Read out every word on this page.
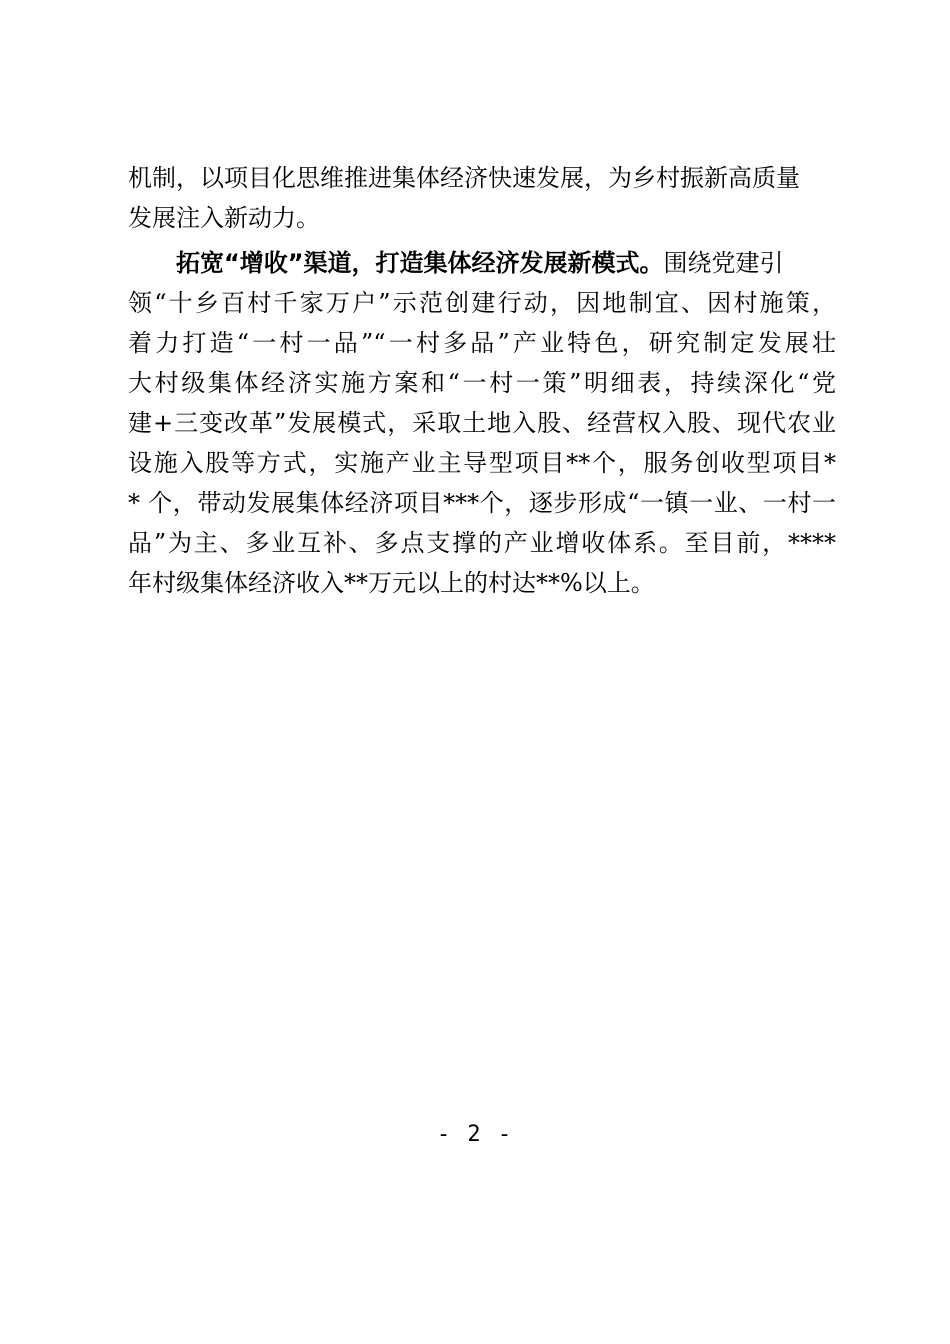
机制，以项目化思维推进集体经济快速发展，为乡村振新高质量
发展注入新动力。
拓宽“增收”渠道，打造集体经济发展新模式。围绕党建引
领“十乡百村千家万户”示范创建行动，因地制宜、因村施策，
着力打造“一村一品”“一村多品”产业特色，研究制定发展壮
大村级集体经济实施方案和“一村一策”明细表，持续深化“党
建+三变改革”发展模式，采取土地入股、经营权入股、现代农业
设施入股等方式，实施产业主导型项目**个，服务创收型项目*
* 个，带动发展集体经济项目***个，逐步形成“一镇一业、一村一
品”为主、多业互补、多点支撑的产业增收体系。至目前，****
年村级集体经济收入**万元以上的村达**%以上。
- 2 -
